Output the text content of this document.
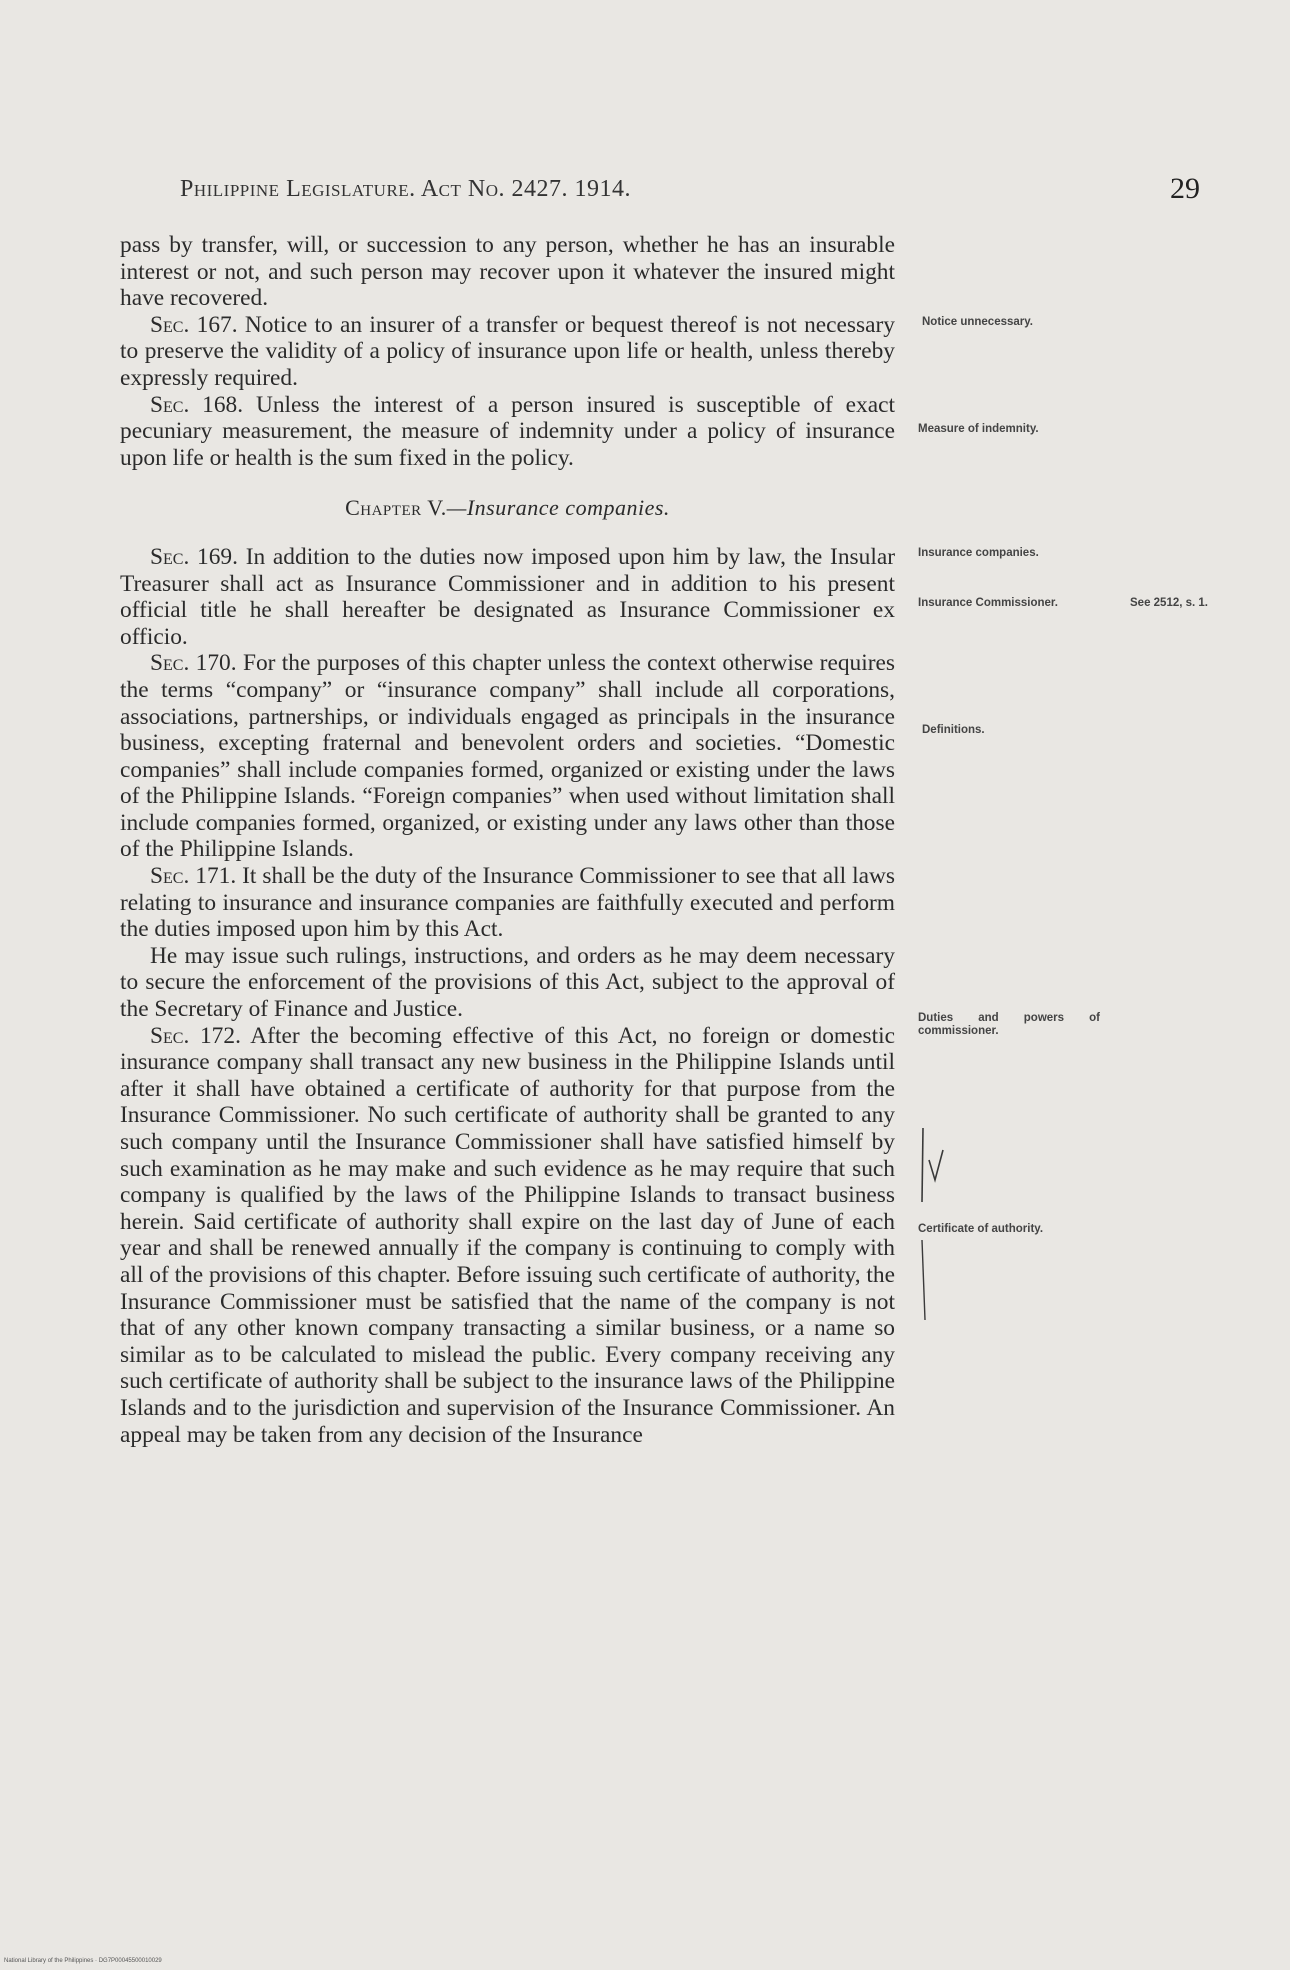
Philippine Legislature. Act No. 2427. 1914.	29

pass by transfer, will, or succession to any person, whether he has an insurable interest or not, and such person may recover upon it whatever the insured might have recovered.

Sec. 167. Notice to an insurer of a transfer or bequest thereof is not necessary to preserve the validity of a policy of insurance upon life or health, unless thereby expressly required.

Sec. 168. Unless the interest of a person insured is susceptible of exact pecuniary measurement, the measure of indemnity under a policy of insurance upon life or health is the sum fixed in the policy.

Chapter V.—Insurance companies.

Sec. 169. In addition to the duties now imposed upon him by law, the Insular Treasurer shall act as Insurance Commissioner and in addition to his present official title he shall hereafter be designated as Insurance Commissioner ex officio.

Sec. 170. For the purposes of this chapter unless the context otherwise requires the terms “company” or “insurance company” shall include all corporations, associations, partnerships, or individuals engaged as principals in the insurance business, excepting fraternal and benevolent orders and societies. “Domestic companies” shall include companies formed, organized or existing under the laws of the Philippine Islands. “Foreign companies” when used without limitation shall include companies formed, organized, or existing under any laws other than those of the Philippine Islands.

Sec. 171. It shall be the duty of the Insurance Commissioner to see that all laws relating to insurance and insurance companies are faithfully executed and perform the duties imposed upon him by this Act.

He may issue such rulings, instructions, and orders as he may deem necessary to secure the enforcement of the provisions of this Act, subject to the approval of the Secretary of Finance and Justice.

Sec. 172. After the becoming effective of this Act, no foreign or domestic insurance company shall transact any new business in the Philippine Islands until after it shall have obtained a certificate of authority for that purpose from the Insurance Commissioner. No such certificate of authority shall be granted to any such company until the Insurance Commissioner shall have satisfied himself by such examination as he may make and such evidence as he may require that such company is qualified by the laws of the Philippine Islands to transact business herein. Said certificate of authority shall expire on the last day of June of each year and shall be renewed annually if the company is continuing to comply with all of the provisions of this chapter. Before issuing such certificate of authority, the Insurance Commissioner must be satisfied that the name of the company is not that of any other known company transacting a similar business, or a name so similar as to be calculated to mislead the public. Every company receiving any such certificate of authority shall be subject to the insurance laws of the Philippine Islands and to the jurisdiction and supervision of the Insurance Commissioner. An appeal may be taken from any decision of the Insurance

Notice unnecessary.
Measure of indemnity.
Insurance companies.
Insurance Commissioner.	See 2512, s. 1.
Definitions.
Duties and powers of commissioner.
Certificate of authority.
National Library of the Philippines · DG7P00045500010029
